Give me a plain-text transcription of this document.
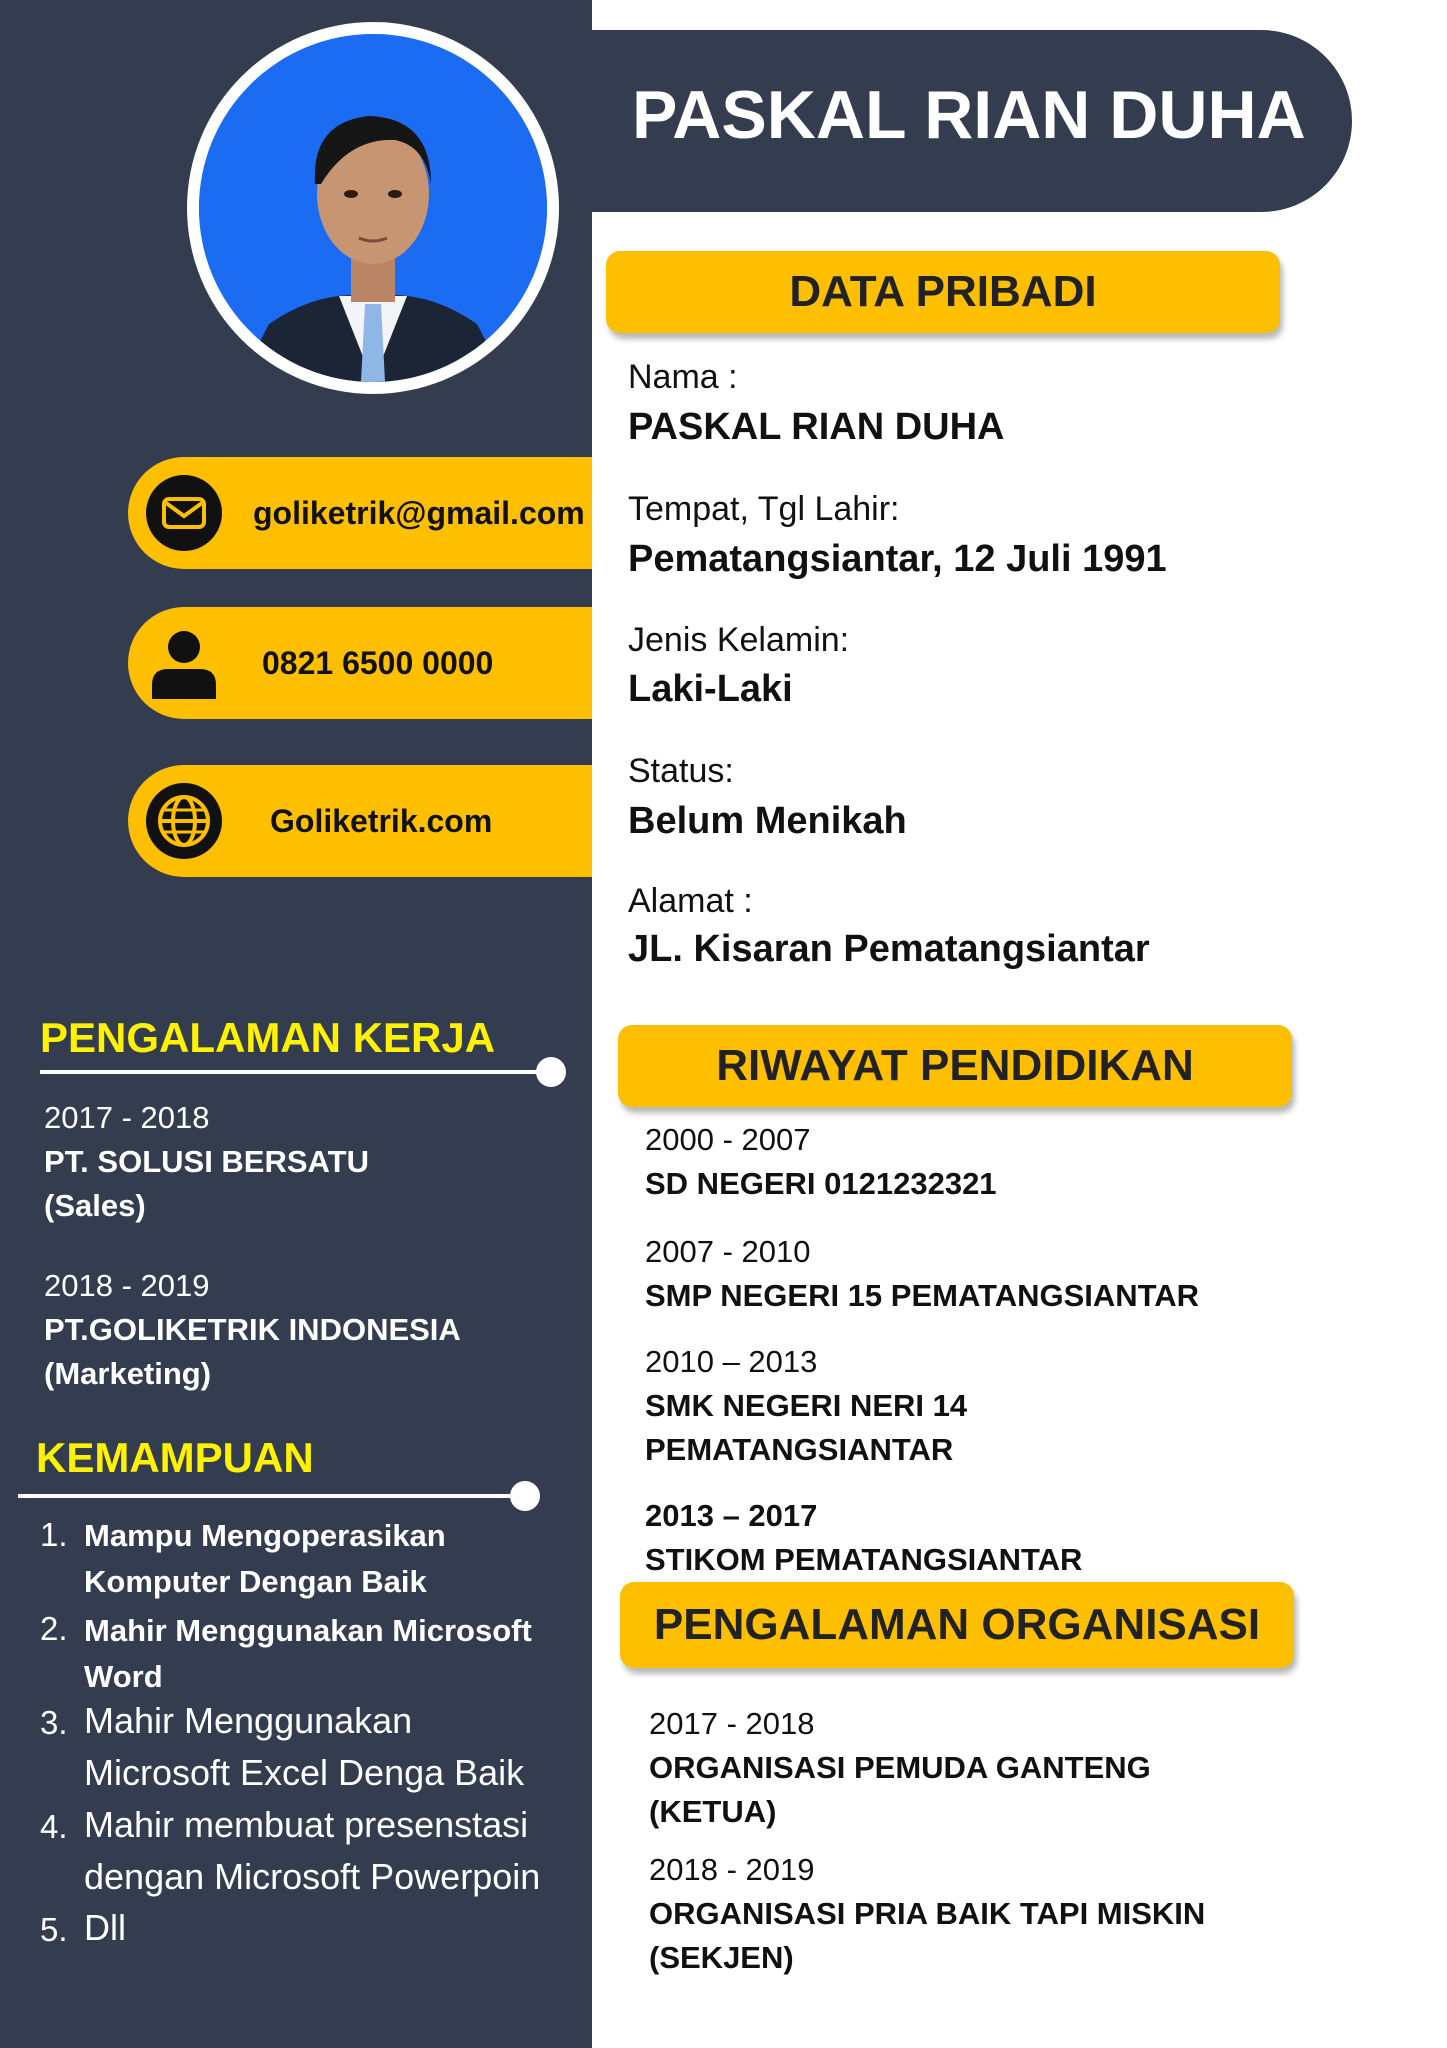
goliketrik@gmail.com
0821 6500 0000
Goliketrik.com
PENGALAMAN KERJA
2017 - 2018
PT. SOLUSI BERSATU
(Sales)
2018 - 2019
PT.GOLIKETRIK INDONESIA
(Marketing)
KEMAMPUAN
1. Mampu Mengoperasikan
Komputer Dengan Baik
2. Mahir Menggunakan Microsoft
Word
3. Mahir Menggunakan
Microsoft Excel Denga Baik
4. Mahir membuat presenstasi
dengan Microsoft Powerpoin
5. Dll
PASKAL RIAN DUHA
DATA PRIBADI
Nama :
PASKAL RIAN DUHA
Tempat, Tgl Lahir:
Pematangsiantar, 12 Juli 1991
Jenis Kelamin:
Laki-Laki
Status:
Belum Menikah
Alamat :
JL. Kisaran Pematangsiantar
RIWAYAT PENDIDIKAN
2000 - 2007
SD NEGERI 0121232321
2007 - 2010
SMP NEGERI 15 PEMATANGSIANTAR
2010 – 2013
SMK NEGERI NERI 14
PEMATANGSIANTAR
2013 – 2017
STIKOM PEMATANGSIANTAR
PENGALAMAN ORGANISASI
2017 - 2018
ORGANISASI PEMUDA GANTENG
(KETUA)
2018 - 2019
ORGANISASI PRIA BAIK TAPI MISKIN
(SEKJEN)
